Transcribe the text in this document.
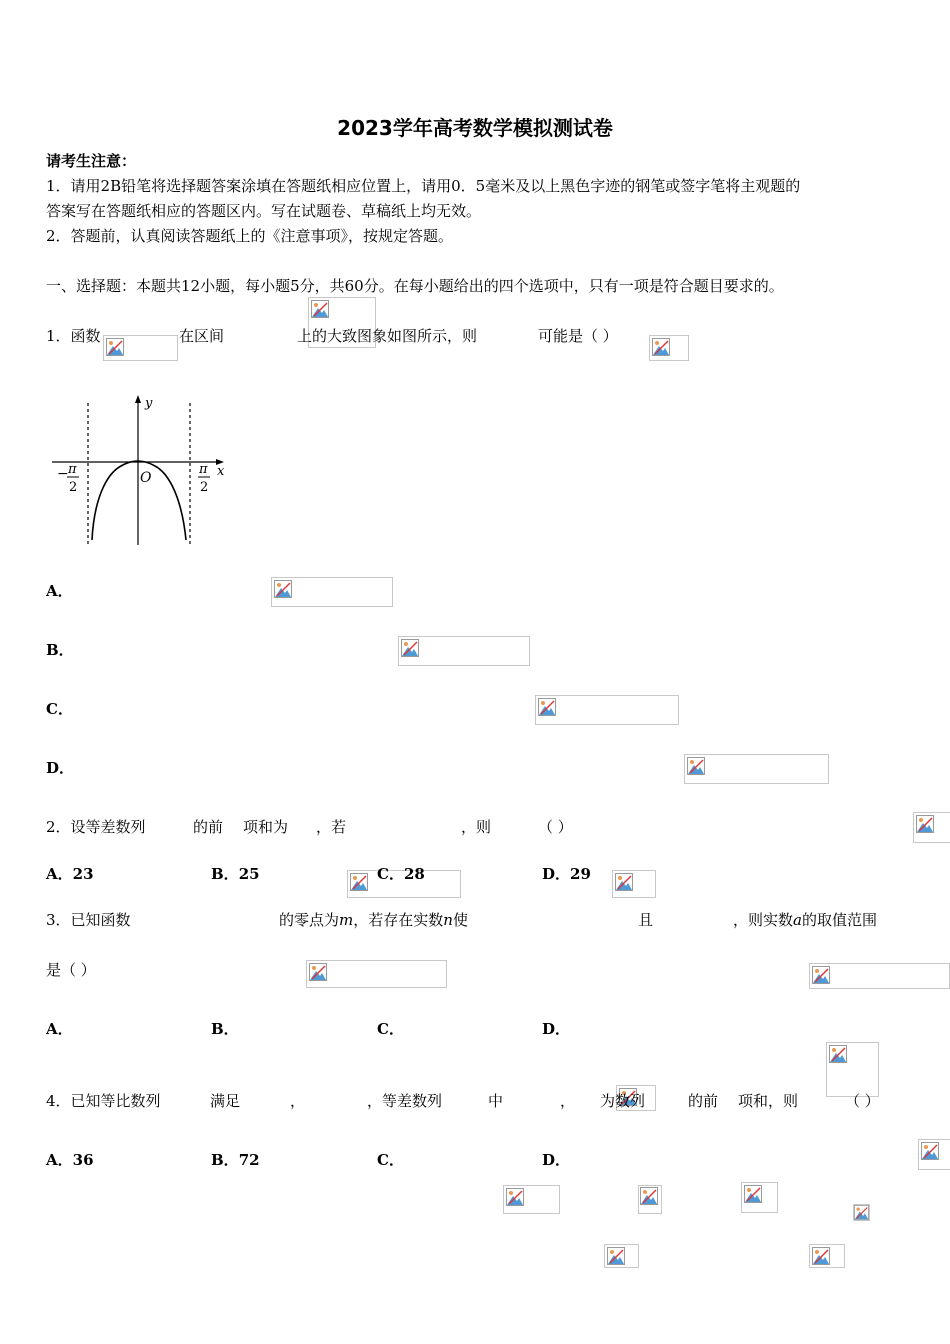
2023学年高考数学模拟测试卷
请考生注意：
1．请用2B铅笔将选择题答案涂填在答题纸相应位置上，请用0．5毫米及以上黑色字迹的钢笔或签字笔将主观题的
答案写在答题纸相应的答题区内。写在试题卷、草稿纸上均无效。
2．答题前，认真阅读答题纸上的《注意事项》，按规定答题。
一、选择题：本题共12小题，每小题5分，共60分。在每小题给出的四个选项中，只有一项是符合题目要求的。
1．函数
	在区间
	上的大致图象如图所示，则
	可能是（ ）
y
x
O
− π
2
π
2
A．

B．

C．

D．

2．设等差数列
	的前
项和为
，若
	，则
	（ ）
A．23	B．25	C．28	D．29
3．已知函数
	的零点为m，若存在实数n使
	且
	，则实数a的取值范围
是（ ）
A．
	B．
	C．
	D．

4．已知等比数列
	满足
	，
	，等差数列
	中
	，
为数列
	的前
项和，则
	（ ）
A．36	B．72	C．
	D．
